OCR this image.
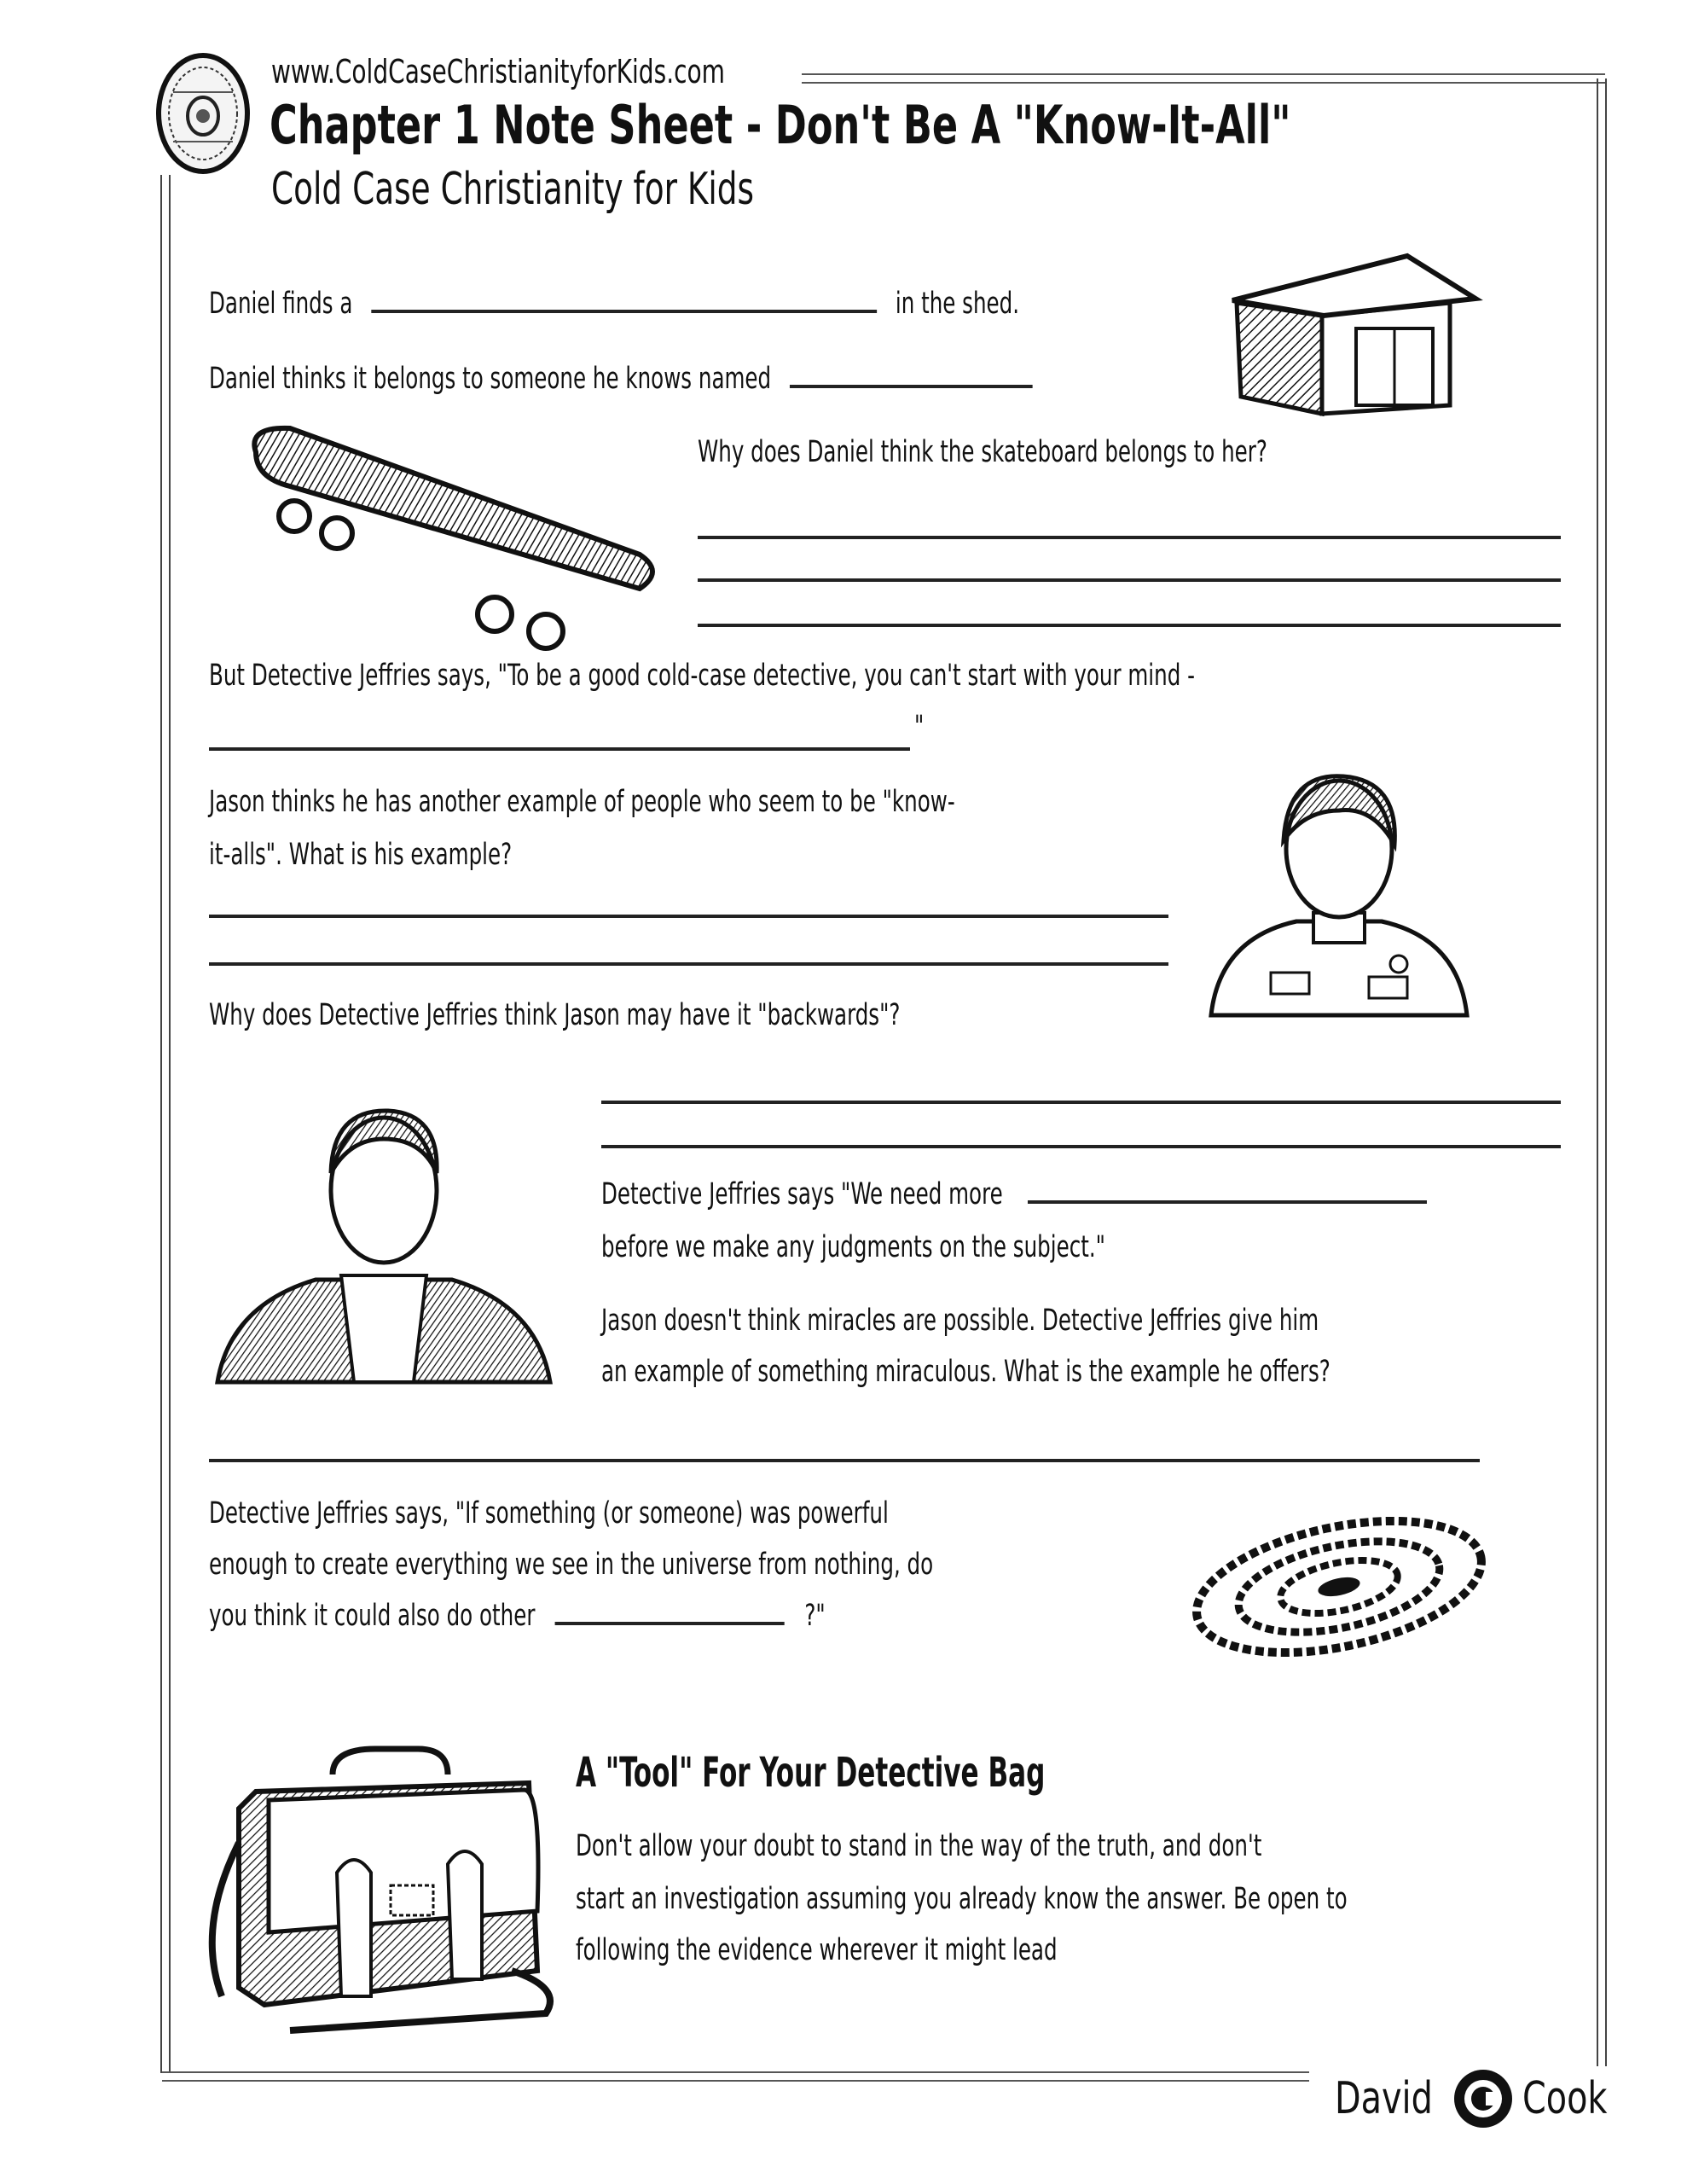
www.ColdCaseChristianityforKids.com
Chapter 1 Note Sheet - Don't Be A "Know-It-All"
Cold Case Christianity for Kids
Daniel finds a	in the shed.
Daniel thinks it belongs to someone he knows named
Why does Daniel think the skateboard belongs to her?
But Detective Jeffries says, "To be a good cold-case detective, you can't start with your mind -
"
Jason thinks he has another example of people who seem to be "know-
it-alls". What is his example?
Why does Detective Jeffries think Jason may have it "backwards"?
Detective Jeffries says "We need more
before we make any judgments on the subject."
Jason doesn't think miracles are possible. Detective Jeffries give him
an example of something miraculous. What is the example he offers?
Detective Jeffries says, "If something (or someone) was powerful
enough to create everything we see in the universe from nothing, do
you think it could also do other	?"
A "Tool" For Your Detective Bag
Don't allow your doubt to stand in the way of the truth, and don't
start an investigation assuming you already know the answer. Be open to
following the evidence wherever it might lead
David Cook
